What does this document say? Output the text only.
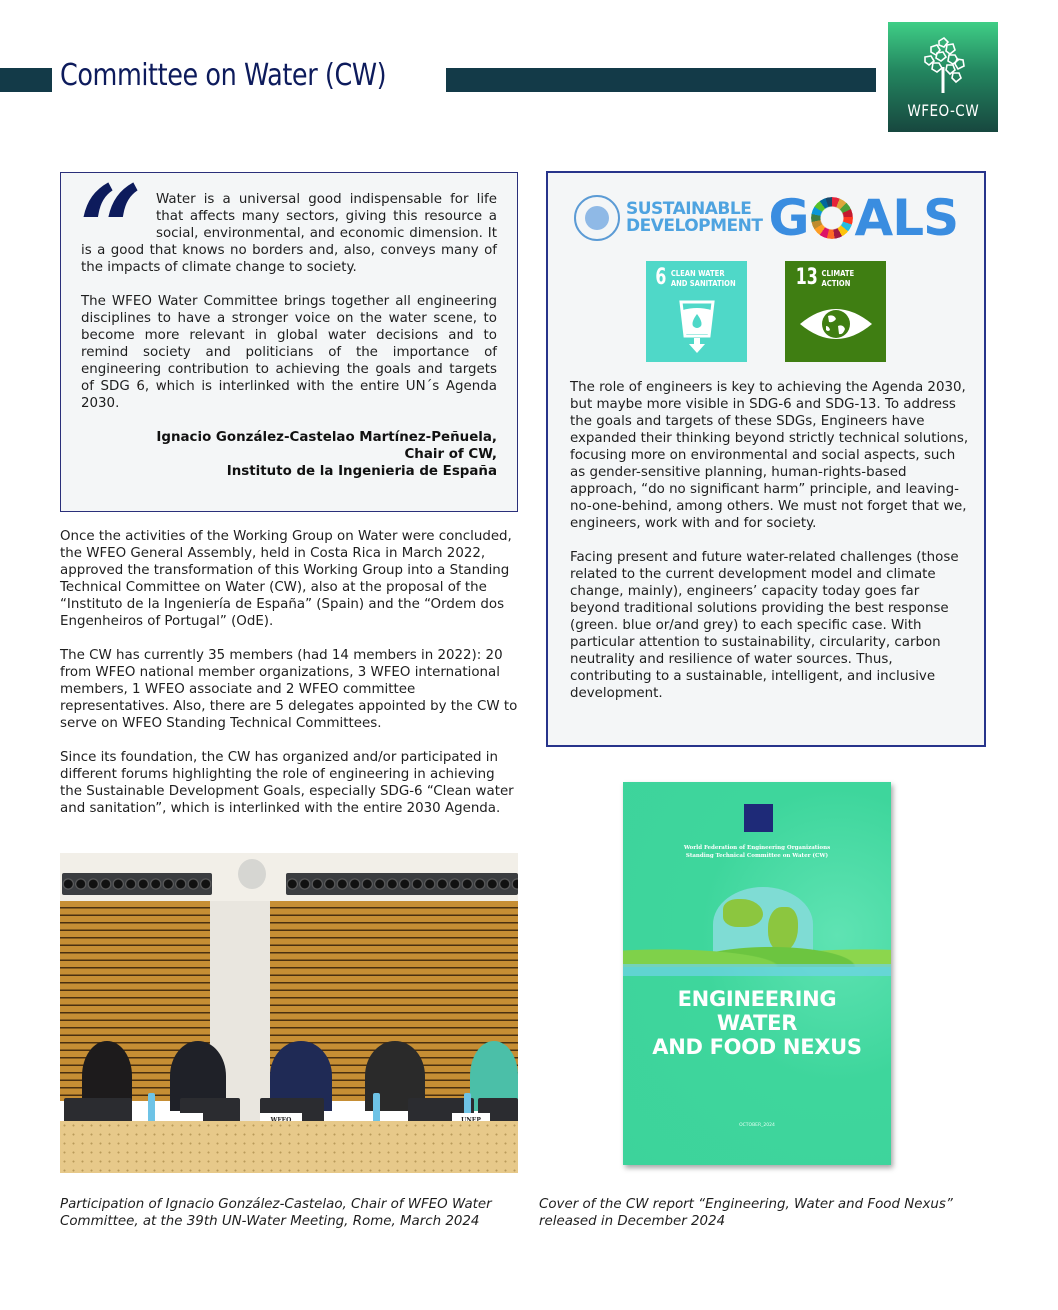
Committee on Water (CW)
WFEO-CW
“	Water is a universal good indispensable for life that affects many sectors, giving this resource a social, environmental, and economic dimension. It is a good that knows no borders and, also, conveys many of the impacts of climate change to society.
The WFEO Water Committee brings together all engineering disciplines to have a stronger voice on the water scene, to become more relevant in global water decisions and to remind society and politicians of the importance of engineering contribution to achieving the goals and targets of SDG 6, which is interlinked with the entire UN´s Agenda 2030.
Ignacio González-Castelao Martínez-Peñuela,
Chair of CW,
Instituto de la Ingenieria de España
SUSTAINABLE
DEVELOPMENT G ALS
6 CLEAN WATER
AND SANITATION	13 CLIMATE
ACTION

The role of engineers is key to achieving the Agenda 2030, but maybe more visible in SDG-6 and SDG-13. To address the goals and targets of these SDGs, Engineers have expanded their thinking beyond strictly technical solutions, focusing more on environmental and social aspects, such as gender-sensitive planning, human-rights-based approach, “do no significant harm” principle, and leaving-no-one-behind, among others. We must not forget that we, engineers, work with and for society.

Facing present and future water-related challenges (those related to the current development model and climate change, mainly), engineers’ capacity today goes far beyond traditional solutions providing the best response (green. blue or/and grey) to each specific case. With particular attention to sustainability, circularity, carbon neutrality and resilience of water sources. Thus, contributing to a sustainable, intelligent, and inclusive development.

Once the activities of the Working Group on Water were concluded, the WFEO General Assembly, held in Costa Rica in March 2022, approved the transformation of this Working Group into a Standing Technical Committee on Water (CW), also at the proposal of the “Instituto de la Ingeniería de España” (Spain) and the “Ordem dos Engenheiros of Portugal” (OdE).

The CW has currently 35 members (had 14 members in 2022): 20 from WFEO national member organizations, 3 WFEO international members, 1 WFEO associate and 2 WFEO committee representatives. Also, there are 5 delegates appointed by the CW to serve on WFEO Standing Technical Committees.

Since its foundation, the CW has organized and/or participated in different forums highlighting the role of engineering in achieving the Sustainable Development Goals, especially SDG-6 “Clean water and sanitation”, which is interlinked with the entire 2030 Agenda.

World Federation of Engineering Organizations
Standing Technical Committee on Water (CW)
ENGINEERING
WATER
AND FOOD NEXUS
OCTOBER_2024
Participation of Ignacio González-Castelao, Chair of WFEO Water Committee, at the 39th UN-Water Meeting, Rome, March 2024
Cover of the CW report “Engineering, Water and Food Nexus” released in December 2024
